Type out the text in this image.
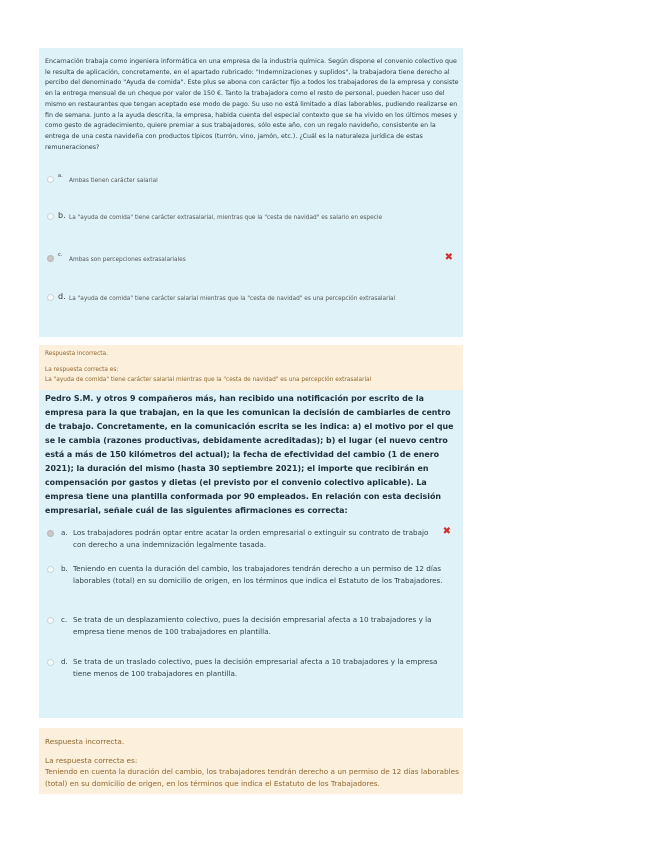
Encarnación trabaja como ingeniera informática en una empresa de la industria química. Según dispone el convenio colectivo que le resulta de aplicación, concretamente, en el apartado rubricado: "Indemnizaciones y suplidos", la trabajadora tiene derecho al percibo del denominado "Ayuda de comida". Este plus se abona con carácter fijo a todos los trabajadores de la empresa y consiste en la entrega mensual de un cheque por valor de 150 €. Tanto la trabajadora como el resto de personal, pueden hacer uso del mismo en restaurantes que tengan aceptado ese modo de pago. Su uso no está limitado a días laborables, pudiendo realizarse en fin de semana. Junto a la ayuda descrita, la empresa, habida cuenta del especial contexto que se ha vivido en los últimos meses y como gesto de agradecimiento, quiere premiar a sus trabajadores, sólo este año, con un regalo navideño, consistente en la entrega de una cesta navideña con productos típicos (turrón, vino, jamón, etc.). ¿Cuál es la naturaleza jurídica de estas remuneraciones?
a.
Ambas tienen carácter salarial
b. La "ayuda de comida" tiene carácter extrasalarial, mientras que la "cesta de navidad" es salario en especie
c.
Ambas son percepciones extrasalariales	✖
d. La "ayuda de comida" tiene carácter salarial mientras que la "cesta de navidad" es una percepción extrasalarial
Respuesta incorrecta.
La respuesta correcta es:
La "ayuda de comida" tiene carácter salarial mientras que la "cesta de navidad" es una percepción extrasalarial
Pedro S.M. y otros 9 compañeros más, han recibido una notificación por escrito de la empresa para la que trabajan, en la que les comunican la decisión de cambiarles de centro de trabajo. Concretamente, en la comunicación escrita se les indica: a) el motivo por el que se le cambia (razones productivas, debidamente acreditadas); b) el lugar (el nuevo centro está a más de 150 kilómetros del actual); la fecha de efectividad del cambio (1 de enero 2021); la duración del mismo (hasta 30 septiembre 2021); el importe que recibirán en compensación por gastos y dietas (el previsto por el convenio colectivo aplicable). La empresa tiene una plantilla conformada por 90 empleados. En relación con esta decisión empresarial, señale cuál de las siguientes afirmaciones es correcta:
a. Los trabajadores podrán optar entre acatar la orden empresarial o extinguir su contrato de trabajo con derecho a una indemnización legalmente tasada.
✖
b. Teniendo en cuenta la duración del cambio, los trabajadores tendrán derecho a un permiso de 12 días laborables (total) en su domicilio de origen, en los términos que indica el Estatuto de los Trabajadores.
c. Se trata de un desplazamiento colectivo, pues la decisión empresarial afecta a 10 trabajadores y la empresa tiene menos de 100 trabajadores en plantilla.
d. Se trata de un traslado colectivo, pues la decisión empresarial afecta a 10 trabajadores y la empresa tiene menos de 100 trabajadores en plantilla.
Respuesta incorrecta.
La respuesta correcta es:
Teniendo en cuenta la duración del cambio, los trabajadores tendrán derecho a un permiso de 12 días laborables (total) en su domicilio de origen, en los términos que indica el Estatuto de los Trabajadores.
